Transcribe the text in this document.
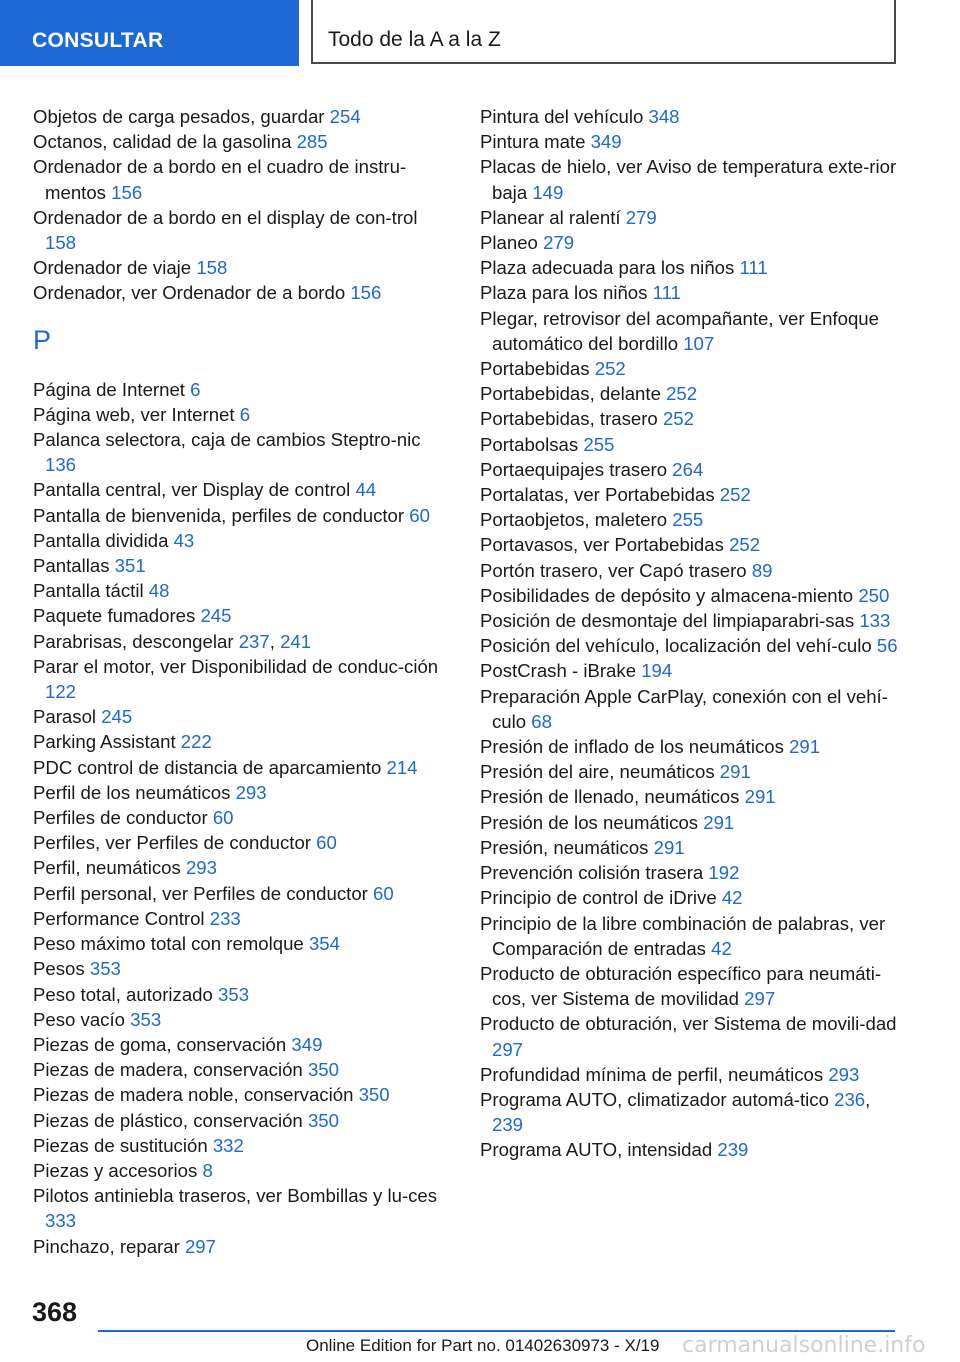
CONSULTAR	Todo de la A a la Z
Objetos de carga pesados, guardar 254
Octanos, calidad de la gasolina 285
Ordenador de a bordo en el cuadro de instru-mentos 156
Ordenador de a bordo en el display de con-trol 158
Ordenador de viaje 158
Ordenador, ver Ordenador de a bordo 156
P
Página de Internet 6
Página web, ver Internet 6
Palanca selectora, caja de cambios Steptro-nic 136
Pantalla central, ver Display de control 44
Pantalla de bienvenida, perfiles de conductor 60
Pantalla dividida 43
Pantallas 351
Pantalla táctil 48
Paquete fumadores 245
Parabrisas, descongelar 237, 241
Parar el motor, ver Disponibilidad de conduc-ción 122
Parasol 245
Parking Assistant 222
PDC control de distancia de aparcamiento 214
Perfil de los neumáticos 293
Perfiles de conductor 60
Perfiles, ver Perfiles de conductor 60
Perfil, neumáticos 293
Perfil personal, ver Perfiles de conductor 60
Performance Control 233
Peso máximo total con remolque 354
Pesos 353
Peso total, autorizado 353
Peso vacío 353
Piezas de goma, conservación 349
Piezas de madera, conservación 350
Piezas de madera noble, conservación 350
Piezas de plástico, conservación 350
Piezas de sustitución 332
Piezas y accesorios 8
Pilotos antiniebla traseros, ver Bombillas y lu-ces 333
Pinchazo, reparar 297
Pintura del vehículo 348
Pintura mate 349
Placas de hielo, ver Aviso de temperatura exte-rior baja 149
Planear al ralentí 279
Planeo 279
Plaza adecuada para los niños 111
Plaza para los niños 111
Plegar, retrovisor del acompañante, ver Enfoque automático del bordillo 107
Portabebidas 252
Portabebidas, delante 252
Portabebidas, trasero 252
Portabolsas 255
Portaequipajes trasero 264
Portalatas, ver Portabebidas 252
Portaobjetos, maletero 255
Portavasos, ver Portabebidas 252
Portón trasero, ver Capó trasero 89
Posibilidades de depósito y almacena-miento 250
Posición de desmontaje del limpiaparabri-sas 133
Posición del vehículo, localización del vehí-culo 56
PostCrash - iBrake 194
Preparación Apple CarPlay, conexión con el vehí-culo 68
Presión de inflado de los neumáticos 291
Presión del aire, neumáticos 291
Presión de llenado, neumáticos 291
Presión de los neumáticos 291
Presión, neumáticos 291
Prevención colisión trasera 192
Principio de control de iDrive 42
Principio de la libre combinación de palabras, ver Comparación de entradas 42
Producto de obturación específico para neumáti-cos, ver Sistema de movilidad 297
Producto de obturación, ver Sistema de movili-dad 297
Profundidad mínima de perfil, neumáticos 293
Programa AUTO, climatizador automá-tico 236, 239
Programa AUTO, intensidad 239
368
Online Edition for Part no. 01402630973 - X/19 carmanualsonline.info
